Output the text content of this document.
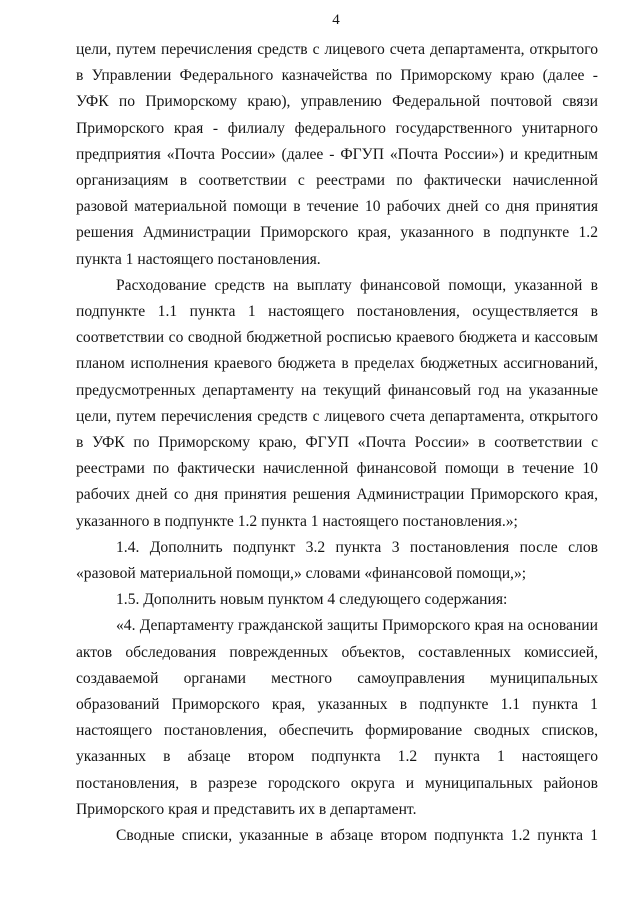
4

цели, путем перечисления средств с лицевого счета департамента, открытого в Управлении Федерального казначейства по Приморскому краю (далее - УФК по Приморскому краю), управлению Федеральной почтовой связи Приморского края - филиалу федерального государственного унитарного предприятия «Почта России» (далее - ФГУП «Почта России») и кредитным организациям в соответствии с реестрами по фактически начисленной разовой материальной помощи в течение 10 рабочих дней со дня принятия решения Администрации Приморского края, указанного в подпункте 1.2 пункта 1 настоящего постановления.

Расходование средств на выплату финансовой помощи, указанной в подпункте 1.1 пункта 1 настоящего постановления, осуществляется в соответствии со сводной бюджетной росписью краевого бюджета и кассовым планом исполнения краевого бюджета в пределах бюджетных ассигнований, предусмотренных департаменту на текущий финансовый год на указанные цели, путем перечисления средств с лицевого счета департамента, открытого в УФК по Приморскому краю, ФГУП «Почта России» в соответствии с реестрами по фактически начисленной финансовой помощи в течение 10 рабочих дней со дня принятия решения Администрации Приморского края, указанного в подпункте 1.2 пункта 1 настоящего постановления.»;

1.4. Дополнить подпункт 3.2 пункта 3 постановления после слов «разовой материальной помощи,» словами «финансовой помощи,»;

1.5. Дополнить новым пунктом 4 следующего содержания:

«4. Департаменту гражданской защиты Приморского края на основании актов обследования поврежденных объектов, составленных комиссией, создаваемой органами местного самоуправления муниципальных образований Приморского края, указанных в подпункте 1.1 пункта 1 настоящего постановления, обеспечить формирование сводных списков, указанных в абзаце втором подпункта 1.2 пункта 1 настоящего постановления, в разрезе городского округа и муниципальных районов Приморского края и представить их в департамент.

Сводные списки, указанные в абзаце втором подпункта 1.2 пункта 1
